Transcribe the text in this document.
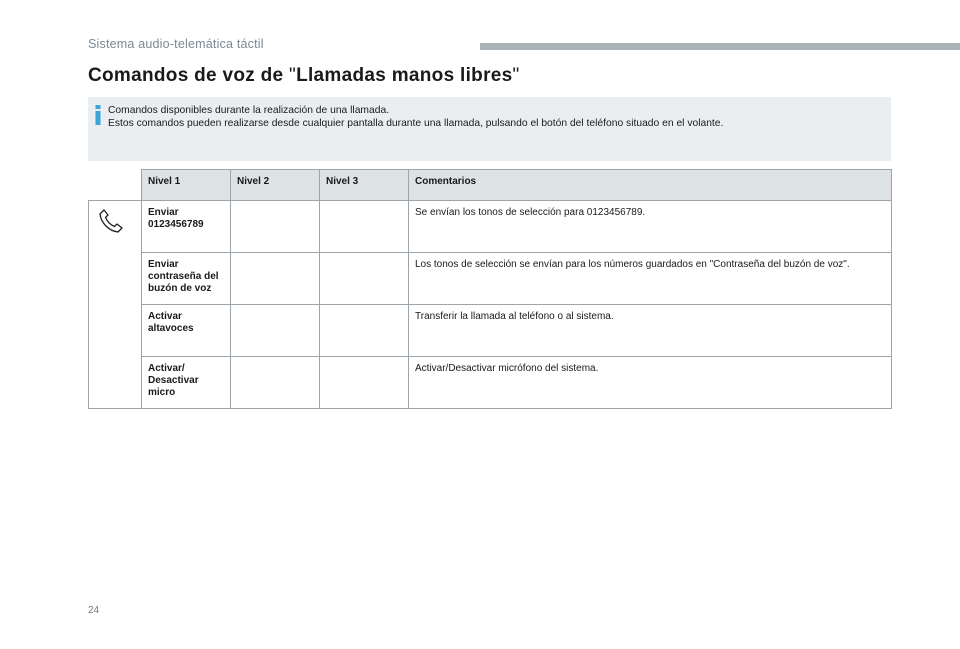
Sistema audio-telemática táctil
Comandos de voz de "Llamadas manos libres"
Comandos disponibles durante la realización de una llamada.
Estos comandos pueden realizarse desde cualquier pantalla durante una llamada, pulsando el botón del teléfono situado en el volante.
	Nivel 1	Nivel 2	Nivel 3	Comentarios
	Enviar 0123456789			Se envían los tonos de selección para 0123456789.
	Enviar contraseña del buzón de voz			Los tonos de selección se envían para los números guardados en "Contraseña del buzón de voz".
	Activar altavoces			Transferir la llamada al teléfono o al sistema.
	Activar/ Desactivar micro			Activar/Desactivar micrófono del sistema.
24
